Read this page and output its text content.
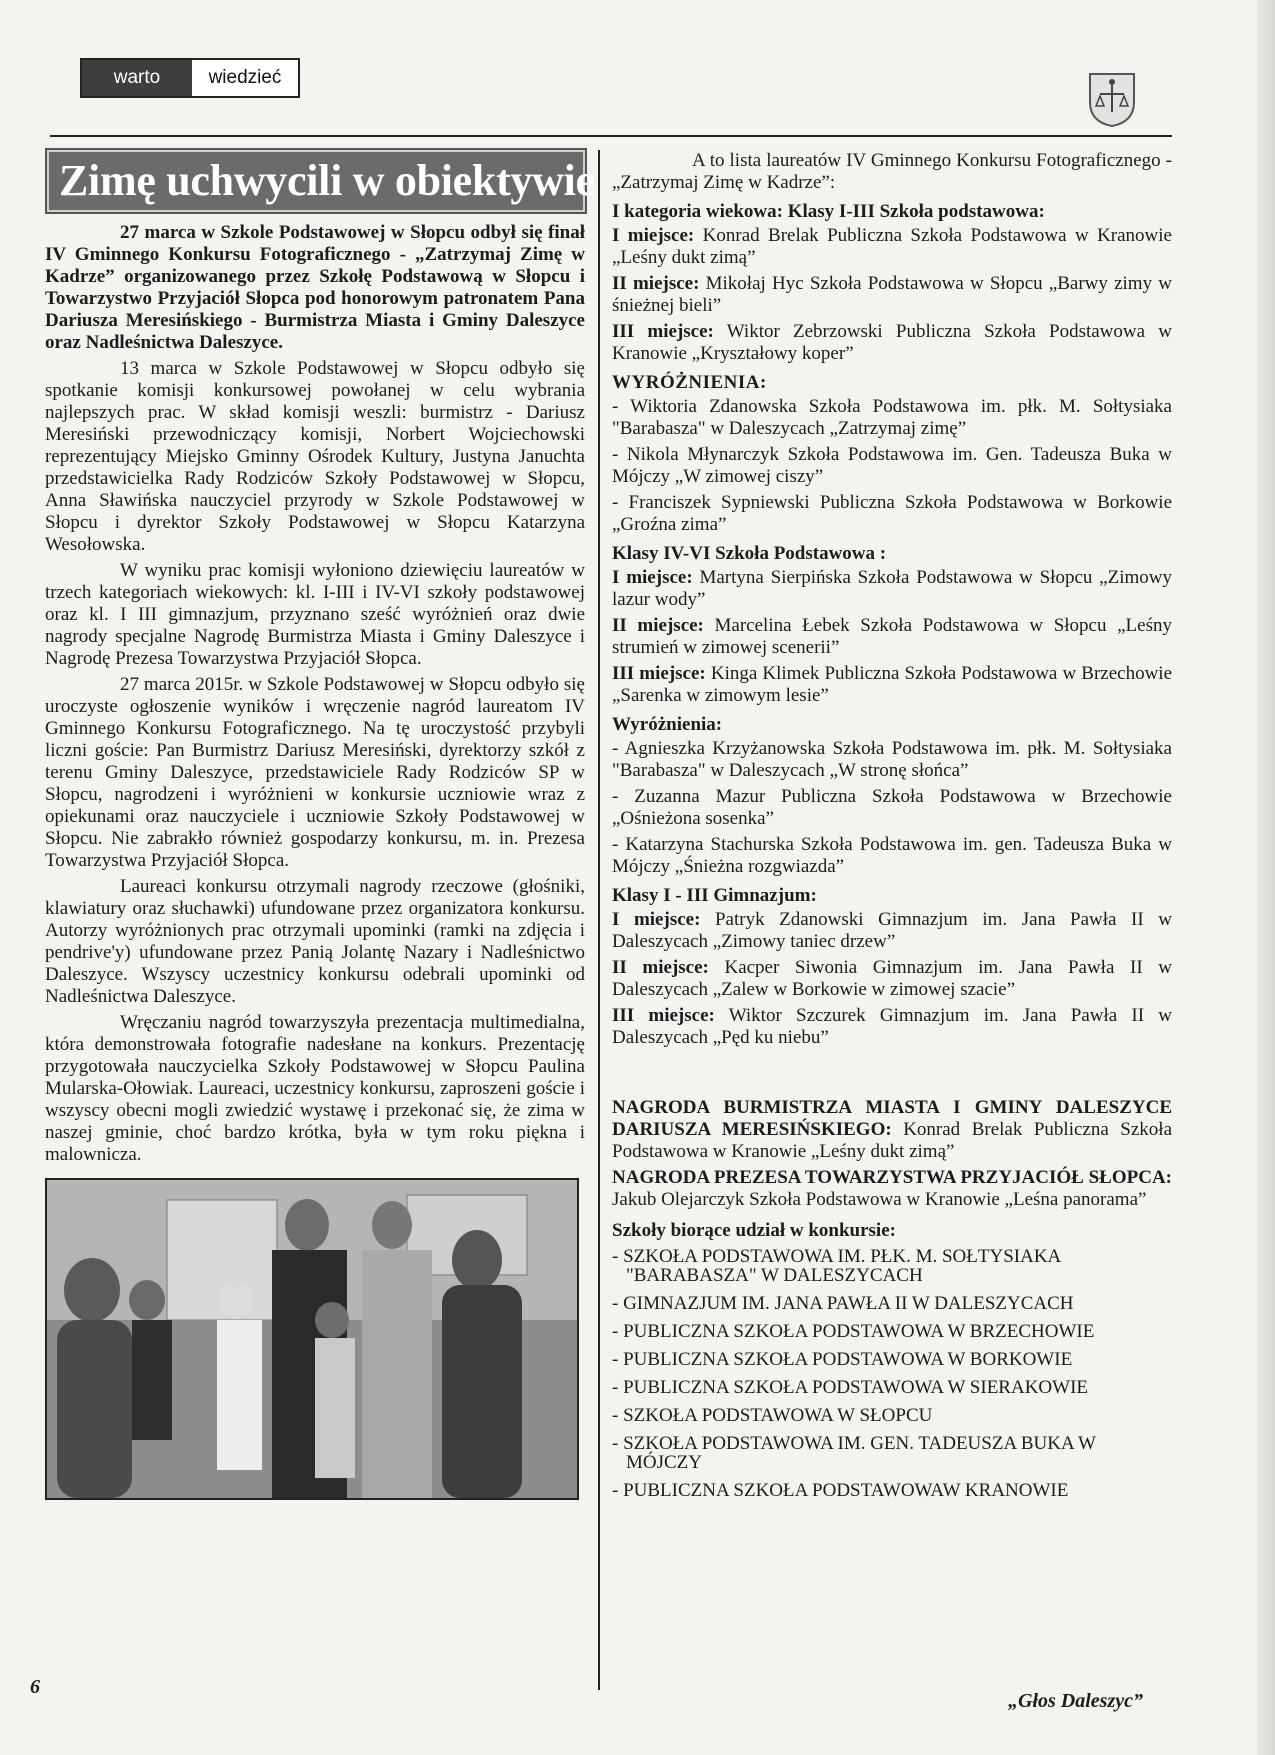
warto	wiedzieć
Zimę uchwycili w obiektywie

27 marca w Szkole Podstawowej w Słopcu odbył się finał IV Gminnego Konkursu Fotograficznego - „Zatrzymaj Zimę w Kadrze” organizowanego przez Szkołę Podstawową w Słopcu i Towarzystwo Przyjaciół Słopca pod honorowym patronatem Pana Dariusza Meresińskiego - Burmistrza Miasta i Gminy Daleszyce oraz Nadleśnictwa Daleszyce.

13 marca w Szkole Podstawowej w Słopcu odbyło się spotkanie komisji konkursowej powołanej w celu wybrania najlepszych prac. W skład komisji weszli: burmistrz - Dariusz Meresiński przewodniczący komisji, Norbert Wojciechowski reprezentujący Miejsko Gminny Ośrodek Kultury, Justyna Januchta przedstawicielka Rady Rodziców Szkoły Podstawowej w Słopcu, Anna Sławińska nauczyciel przyrody w Szkole Podstawowej w Słopcu i dyrektor Szkoły Podstawowej w Słopcu Katarzyna Wesołowska.

W wyniku prac komisji wyłoniono dziewięciu laureatów w trzech kategoriach wiekowych: kl. I-III i IV-VI szkoły podstawowej oraz kl. I III gimnazjum, przyznano sześć wyróżnień oraz dwie nagrody specjalne Nagrodę Burmistrza Miasta i Gminy Daleszyce i Nagrodę Prezesa Towarzystwa Przyjaciół Słopca.

27 marca 2015r. w Szkole Podstawowej w Słopcu odbyło się uroczyste ogłoszenie wyników i wręczenie nagród laureatom IV Gminnego Konkursu Fotograficznego. Na tę uroczystość przybyli liczni goście: Pan Burmistrz Dariusz Meresiński, dyrektorzy szkół z terenu Gminy Daleszyce, przedstawiciele Rady Rodziców SP w Słopcu, nagrodzeni i wyróżnieni w konkursie uczniowie wraz z opiekunami oraz nauczyciele i uczniowie Szkoły Podstawowej w Słopcu. Nie zabrakło również gospodarzy konkursu, m. in. Prezesa Towarzystwa Przyjaciół Słopca.

Laureaci konkursu otrzymali nagrody rzeczowe (głośniki, klawiatury oraz słuchawki) ufundowane przez organizatora konkursu. Autorzy wyróżnionych prac otrzymali upominki (ramki na zdjęcia i pendrive'y) ufundowane przez Panią Jolantę Nazary i Nadleśnictwo Daleszyce. Wszyscy uczestnicy konkursu odebrali upominki od Nadleśnictwa Daleszyce.

Wręczaniu nagród towarzyszyła prezentacja multimedialna, która demonstrowała fotografie nadesłane na konkurs. Prezentację przygotowała nauczycielka Szkoły Podstawowej w Słopcu Paulina Mularska-Ołowiak. Laureaci, uczestnicy konkursu, zaproszeni goście i wszyscy obecni mogli zwiedzić wystawę i przekonać się, że zima w naszej gminie, choć bardzo krótka, była w tym roku piękna i malownicza.

A to lista laureatów IV Gminnego Konkursu Fotograficznego - „Zatrzymaj Zimę w Kadrze”:

I kategoria wiekowa: Klasy I-III Szkoła podstawowa:

I miejsce: Konrad Brelak Publiczna Szkoła Podstawowa w Kranowie „Leśny dukt zimą”

II miejsce: Mikołaj Hyc Szkoła Podstawowa w Słopcu „Barwy zimy w śnieżnej bieli”

III miejsce: Wiktor Zebrzowski Publiczna Szkoła Podstawowa w Kranowie „Kryształowy koper”

WYRÓŻNIENIA:

- Wiktoria Zdanowska Szkoła Podstawowa im. płk. M. Sołtysiaka "Barabasza" w Daleszycach „Zatrzymaj zimę”

- Nikola Młynarczyk Szkoła Podstawowa im. Gen. Tadeusza Buka w Mójczy „W zimowej ciszy”

- Franciszek Sypniewski Publiczna Szkoła Podstawowa w Borkowie „Groźna zima”

Klasy IV-VI Szkoła Podstawowa :

I miejsce: Martyna Sierpińska Szkoła Podstawowa w Słopcu „Zimowy lazur wody”

II miejsce: Marcelina Łebek Szkoła Podstawowa w Słopcu „Leśny strumień w zimowej scenerii”

III miejsce: Kinga Klimek Publiczna Szkoła Podstawowa w Brzechowie „Sarenka w zimowym lesie”

Wyróżnienia:

- Agnieszka Krzyżanowska Szkoła Podstawowa im. płk. M. Sołtysiaka "Barabasza" w Daleszycach „W stronę słońca”

- Zuzanna Mazur Publiczna Szkoła Podstawowa w Brzechowie „Ośnieżona sosenka”

- Katarzyna Stachurska Szkoła Podstawowa im. gen. Tadeusza Buka w Mójczy „Śnieżna rozgwiazda”

Klasy I - III Gimnazjum:

I miejsce: Patryk Zdanowski Gimnazjum im. Jana Pawła II w Daleszycach „Zimowy taniec drzew”

II miejsce: Kacper Siwonia Gimnazjum im. Jana Pawła II w Daleszycach „Zalew w Borkowie w zimowej szacie”

III miejsce: Wiktor Szczurek Gimnazjum im. Jana Pawła II w Daleszycach „Pęd ku niebu”

NAGRODA BURMISTRZA MIASTA I GMINY DALESZYCE DARIUSZA MERESIŃSKIEGO: Konrad Brelak Publiczna Szkoła Podstawowa w Kranowie „Leśny dukt zimą”

NAGRODA PREZESA TOWARZYSTWA PRZYJACIÓŁ SŁOPCA: Jakub Olejarczyk Szkoła Podstawowa w Kranowie „Leśna panorama”

Szkoły biorące udział w konkursie:
- SZKOŁA PODSTAWOWA IM. PŁK. M. SOŁTYSIAKA "BARABASZA" W DALESZYCACH
- GIMNAZJUM IM. JANA PAWŁA II W DALESZYCACH
- PUBLICZNA SZKOŁA PODSTAWOWA W BRZECHOWIE
- PUBLICZNA SZKOŁA PODSTAWOWA W BORKOWIE
- PUBLICZNA SZKOŁA PODSTAWOWA W SIERAKOWIE
- SZKOŁA PODSTAWOWA W SŁOPCU
- SZKOŁA PODSTAWOWA IM. GEN. TADEUSZA BUKA W MÓJCZY
- PUBLICZNA SZKOŁA PODSTAWOWAW KRANOWIE
6
„Głos Daleszyc”
